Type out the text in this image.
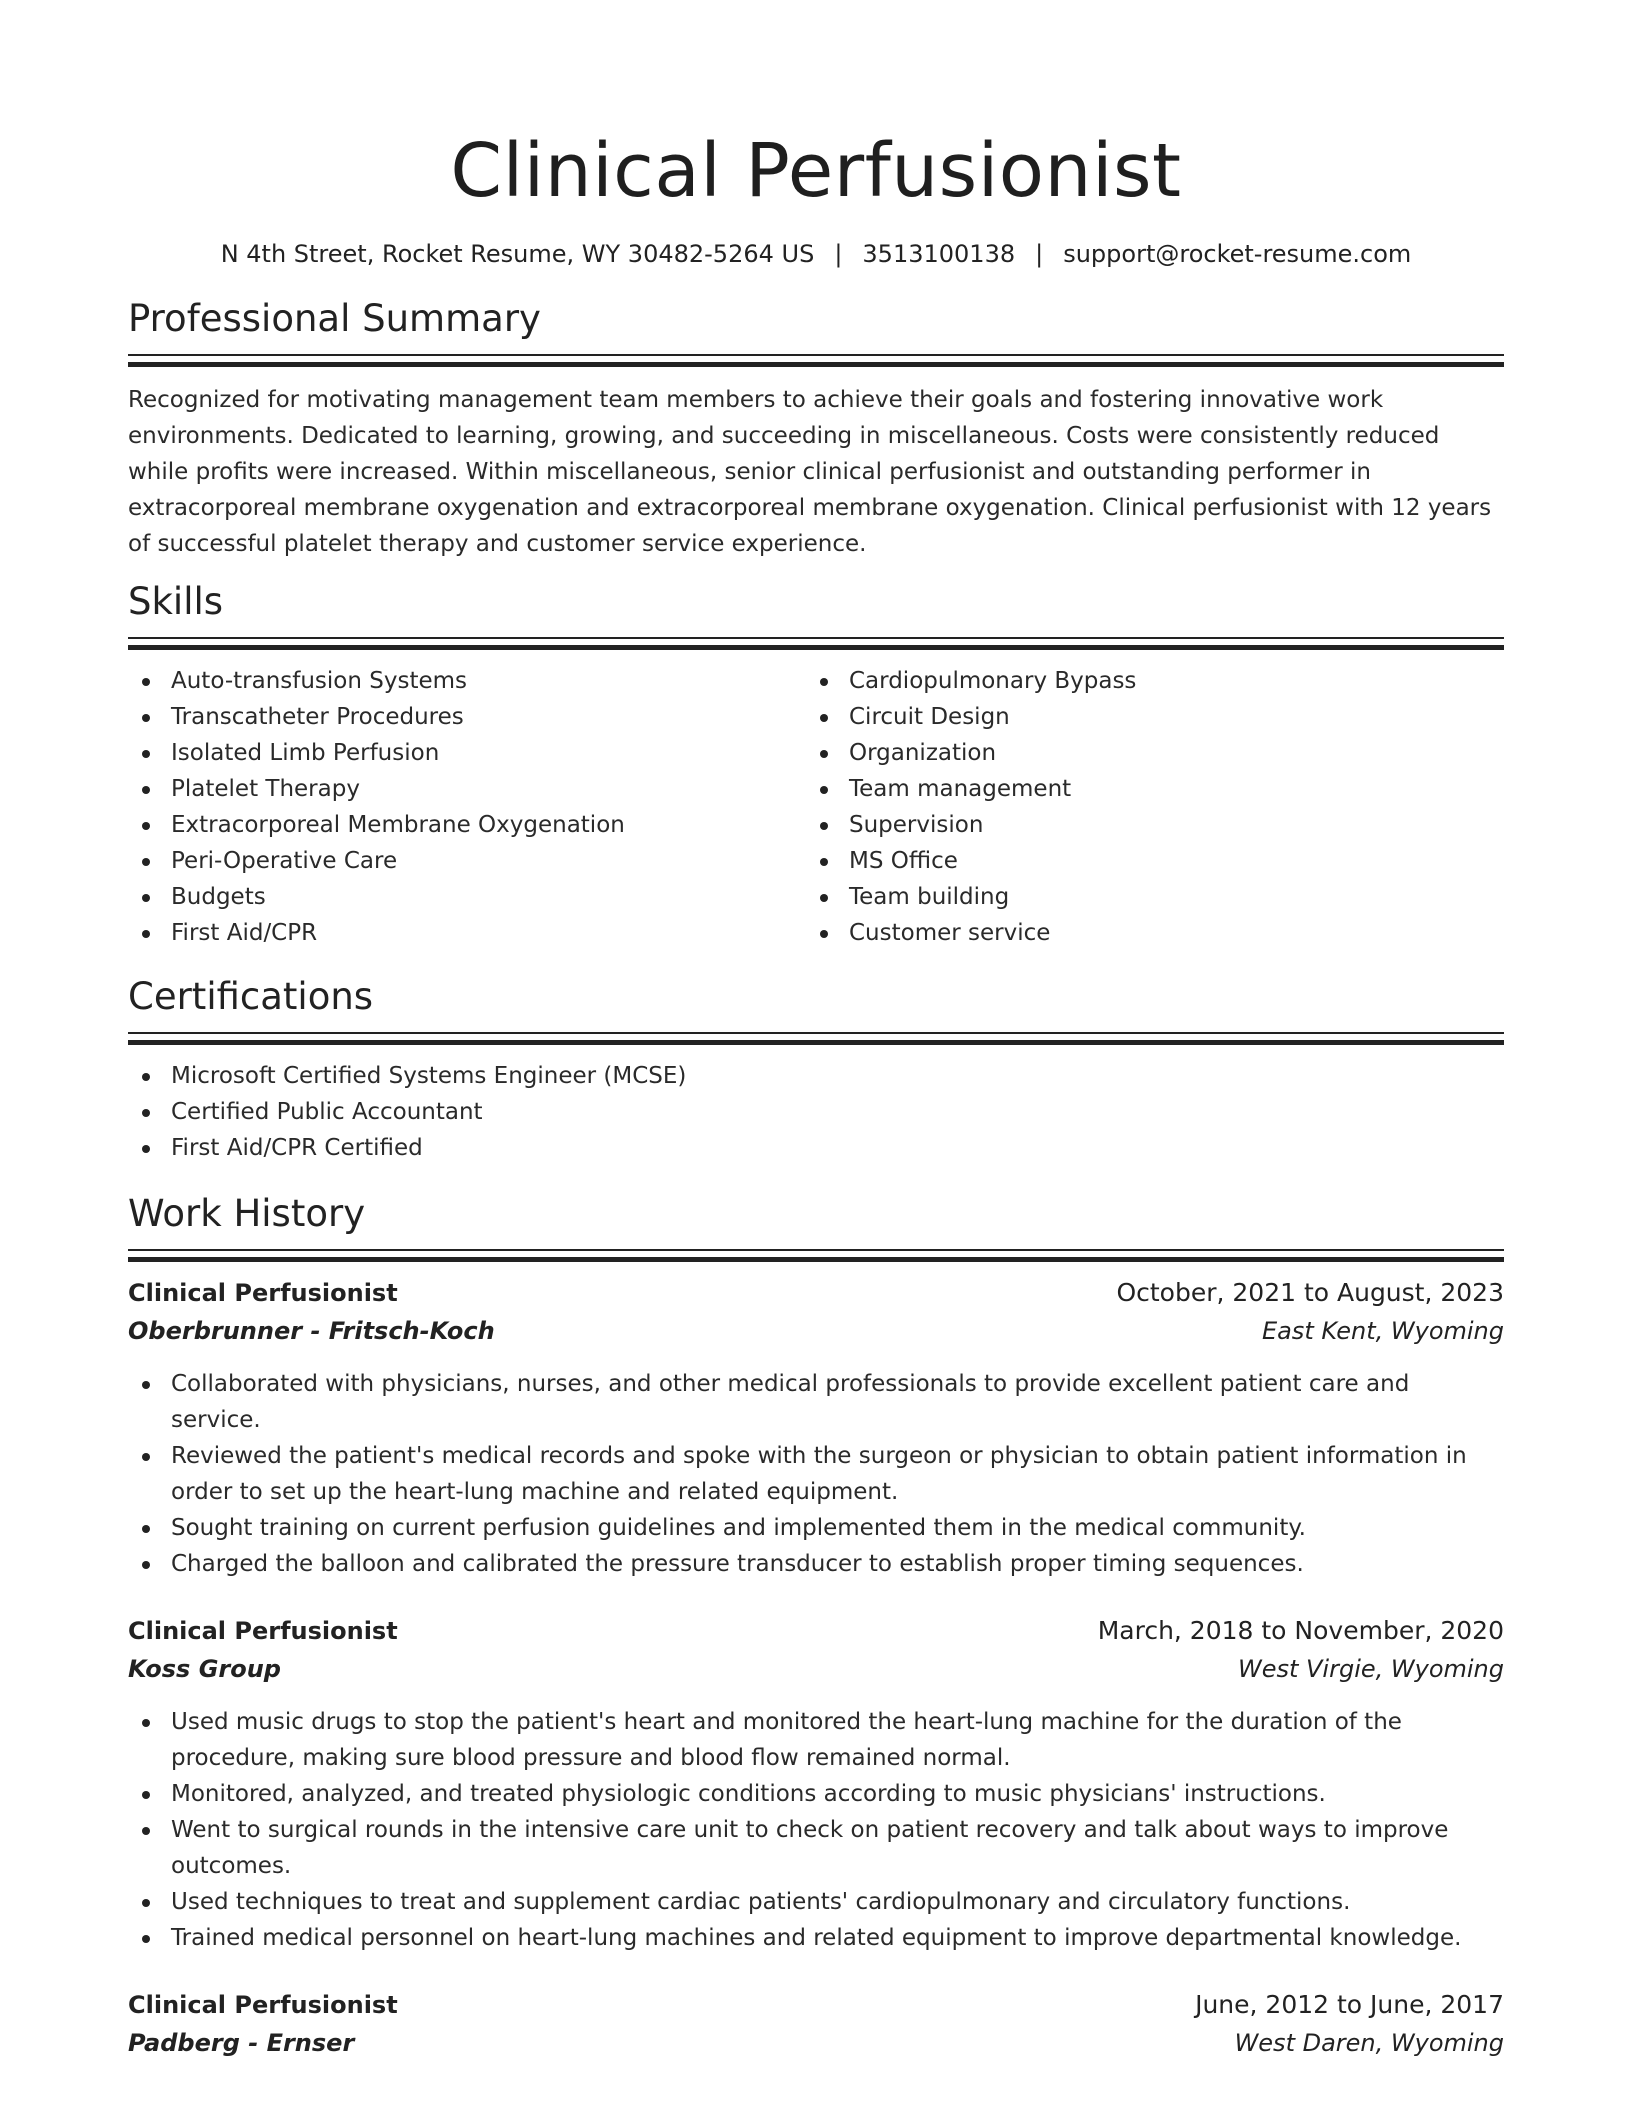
Clinical Perfusionist
N 4th Street, Rocket Resume, WY 30482-5264 US | 3513100138 | support@rocket-resume.com
Professional Summary

Recognized for motivating management team members to achieve their goals and fostering innovative work environments. Dedicated to learning, growing, and succeeding in miscellaneous. Costs were consistently reduced while profits were increased. Within miscellaneous, senior clinical perfusionist and outstanding performer in extracorporeal membrane oxygenation and extracorporeal membrane oxygenation. Clinical perfusionist with 12 years of successful platelet therapy and customer service experience.

Skills
Auto-transfusion Systems
Transcatheter Procedures
Isolated Limb Perfusion
Platelet Therapy
Extracorporeal Membrane Oxygenation
Peri-Operative Care
Budgets
First Aid/CPR
Cardiopulmonary Bypass
Circuit Design
Organization
Team management
Supervision
MS Office
Team building
Customer service
Certifications
Microsoft Certified Systems Engineer (MCSE)
Certified Public Accountant
First Aid/CPR Certified
Work History
Clinical Perfusionist	October, 2021 to August, 2023
Oberbrunner - Fritsch-Koch	East Kent, Wyoming
Collaborated with physicians, nurses, and other medical professionals to provide excellent patient care and service.
Reviewed the patient's medical records and spoke with the surgeon or physician to obtain patient information in order to set up the heart-lung machine and related equipment.
Sought training on current perfusion guidelines and implemented them in the medical community.
Charged the balloon and calibrated the pressure transducer to establish proper timing sequences.
Clinical Perfusionist	March, 2018 to November, 2020
Koss Group	West Virgie, Wyoming
Used music drugs to stop the patient's heart and monitored the heart-lung machine for the duration of the procedure, making sure blood pressure and blood flow remained normal.
Monitored, analyzed, and treated physiologic conditions according to music physicians' instructions.
Went to surgical rounds in the intensive care unit to check on patient recovery and talk about ways to improve outcomes.
Used techniques to treat and supplement cardiac patients' cardiopulmonary and circulatory functions.
Trained medical personnel on heart-lung machines and related equipment to improve departmental knowledge.
Clinical Perfusionist	June, 2012 to June, 2017
Padberg - Ernser	West Daren, Wyoming
